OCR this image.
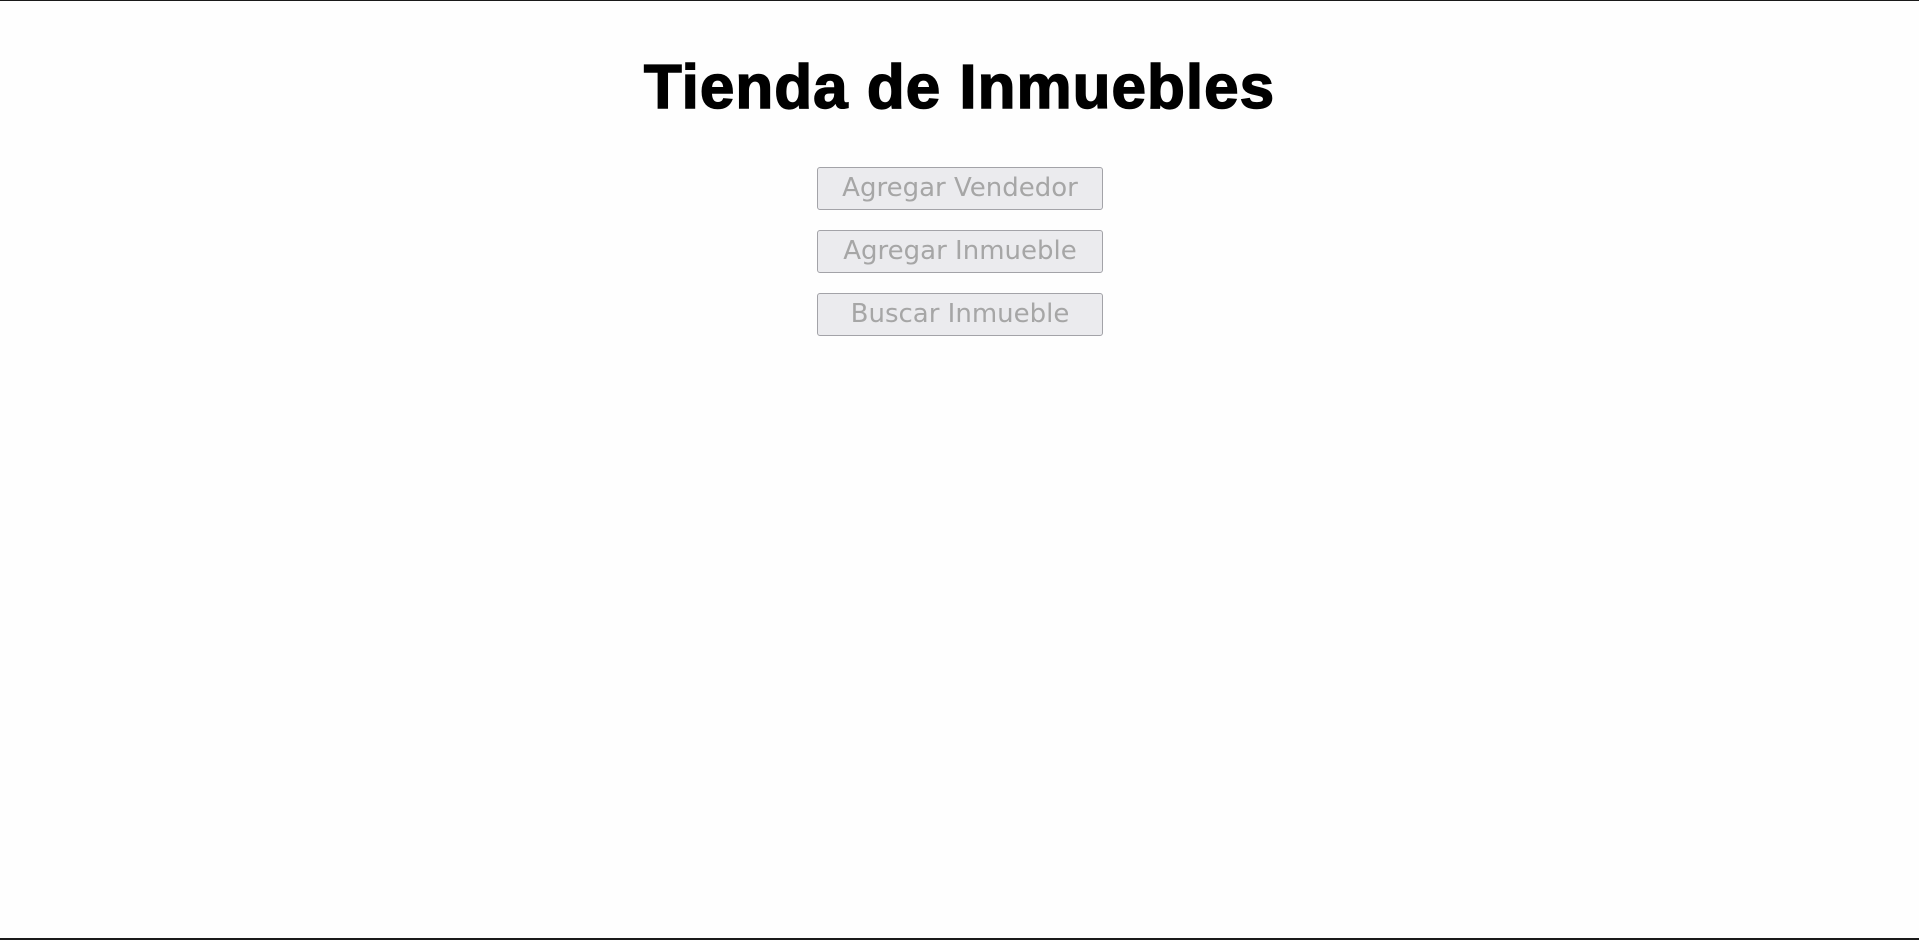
Tienda de Inmuebles
Agregar Vendedor
Agregar Inmueble
Buscar Inmueble
